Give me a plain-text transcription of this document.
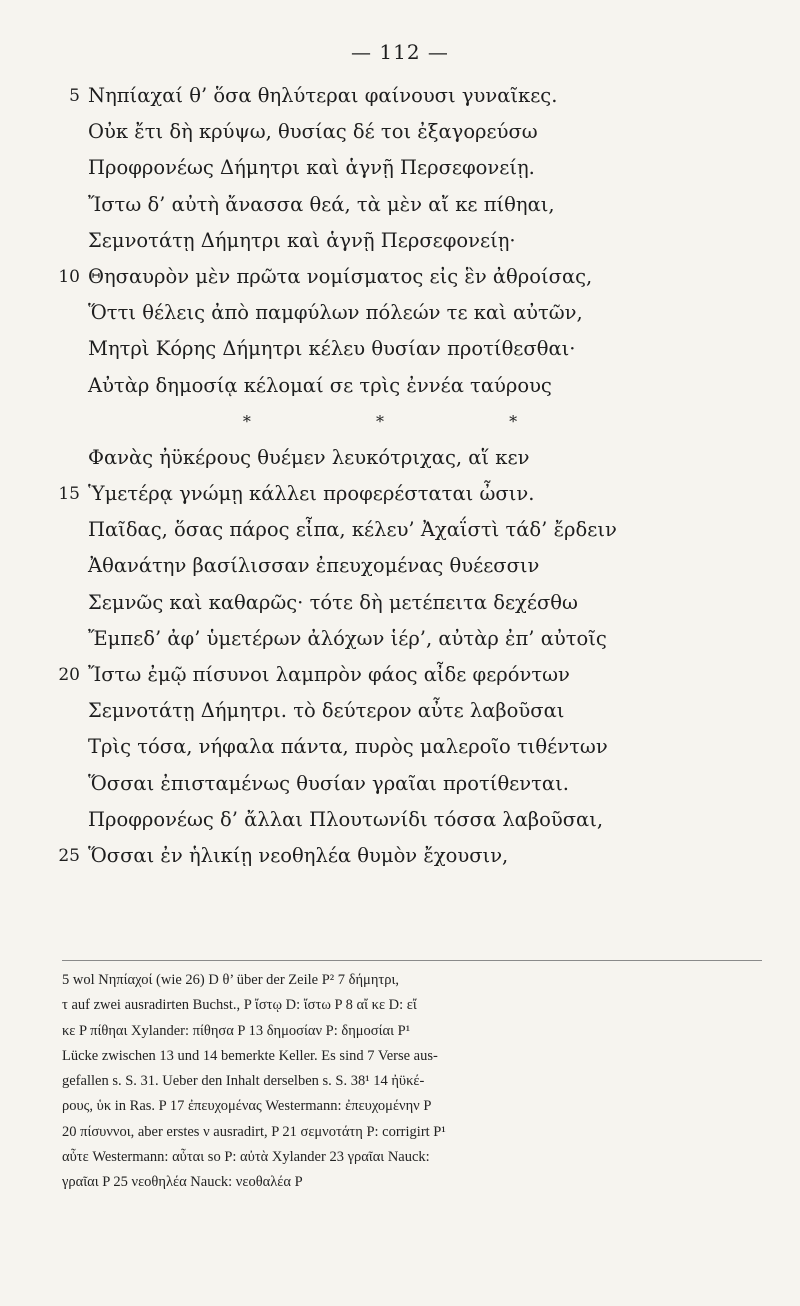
— 112 —
5 Νηπίαχαί θ’ ὅσα θηλύτεραι φαίνουσι γυναῖκες.
Οὐκ ἔτι δὴ κρύψω, θυσίας δέ τοι ἐξαγορεύσω
Προφρονέως Δήμητρι καὶ ἁγνῇ Περσεφονείῃ.
Ἴστω δ’ αὐτὴ ἄνασσα θεά, τὰ μὲν αἴ κε πίθηαι,
Σεμνοτάτῃ Δήμητρι καὶ ἁγνῇ Περσεφονείῃ·
10 Θησαυρὸν μὲν πρῶτα νομίσματος εἰς ἓν ἀθροίσας,
Ὅττι θέλεις ἀπὸ παμφύλων πόλεών τε καὶ αὐτῶν,
Μητρὶ Κόρης Δήμητρι κέλευ θυσίαν προτίθεσθαι·
Αὐτὰρ δημοσίᾳ κέλομαί σε τρὶς ἐννέα ταύρους
* * *
Φανὰς ἠϋκέρους θυέμεν λευκότριχας, αἵ κεν
15 Ὑμετέρᾳ γνώμῃ κάλλει προφερέσταται ὦσιν.
Παῖδας, ὅσας πάρος εἶπα, κέλευ’ Ἀχαΐστὶ τάδ’ ἔρδειν
Ἀθανάτην βασίλισσαν ἐπευχομένας θυέεσσιν
Σεμνῶς καὶ καθαρῶς· τότε δὴ μετέπειτα δεχέσθω
Ἔμπεδ’ ἀφ’ ὑμετέρων ἀλόχων ἱέρ’, αὐτὰρ ἐπ’ αὐτοῖς
20 Ἴστω ἐμῷ πίσυνοι λαμπρὸν φάος αἶδε φερόντων
Σεμνοτάτῃ Δήμητρι. τὸ δεύτερον αὖτε λαβοῦσαι
Τρὶς τόσα, νήφαλα πάντα, πυρὸς μαλεροῖο τιθέντων
Ὅσσαι ἐπισταμένως θυσίαν γραῖαι προτίθενται.
Προφρονέως δ’ ἄλλαι Πλουτωνίδι τόσσα λαβοῦσαι,
25 Ὅσσαι ἐν ἡλικίῃ νεοθηλέα θυμὸν ἔχουσιν,
5 wol Νηπίαχοί (wie 26) D θ’ über der Zeile P² 7 δήμητρι,
τ auf zwei ausradirten Buchst., P ἴστῳ D: ἴστω P 8 αἴ κε D: εἴ
κε P πίθηαι Xylander: πίθησα P 13 δημοσίαν P: δημοσίαι P¹
Lücke zwischen 13 und 14 bemerkte Keller. Es sind 7 Verse aus-
gefallen s. S. 31. Ueber den Inhalt derselben s. S. 38¹ 14 ἠϋκέ-
ρους, ὑκ in Ras. P 17 ἐπευχομένας Westermann: ἐπευχομένην P
20 πίσυννοι, aber erstes ν ausradirt, P 21 σεμνοτάτη P: corrigirt P¹
αὖτε Westermann: αὖται so P: αὐτὰ Xylander 23 γραῖαι Nauck:
γραῖαι P 25 νεοθηλέα Nauck: νεοθαλέα P
